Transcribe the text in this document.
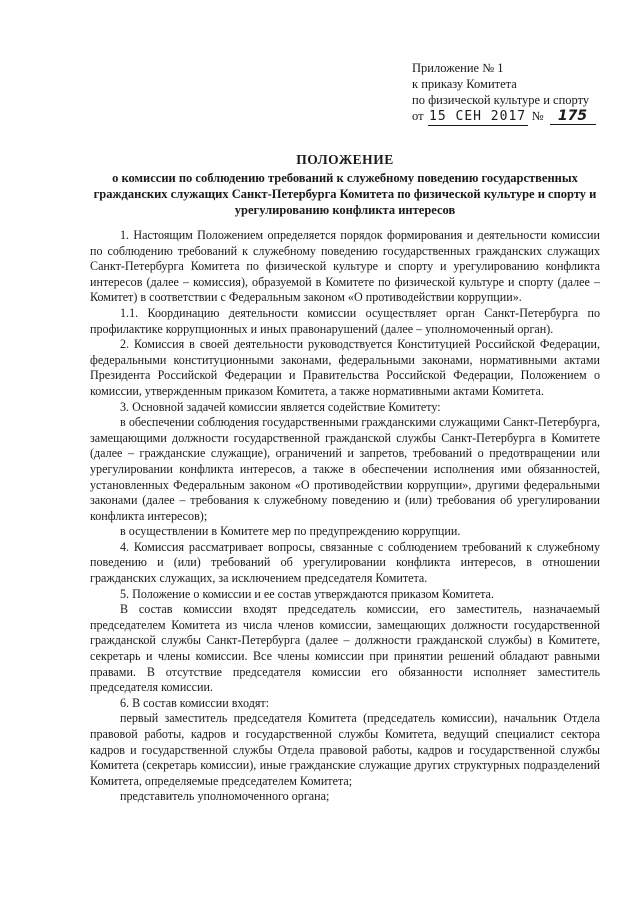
Приложение № 1
к приказу Комитета
по физической культуре и спорту
от 15 СЕН 2017 №	175
ПОЛОЖЕНИЕ
о комиссии по соблюдению требований к служебному поведению государственных гражданских служащих Санкт-Петербурга Комитета по физической культуре и спорту и урегулированию конфликта интересов

1. Настоящим Положением определяется порядок формирования и деятельности комиссии по соблюдению требований к служебному поведению государственных гражданских служащих Санкт-Петербурга Комитета по физической культуре и спорту и урегулированию конфликта интересов (далее – комиссия), образуемой в Комитете по физической культуре и спорту (далее – Комитет) в соответствии с Федеральным законом «О противодействии коррупции».

1.1. Координацию деятельности комиссии осуществляет орган Санкт-Петербурга по профилактике коррупционных и иных правонарушений (далее – уполномоченный орган).

2. Комиссия в своей деятельности руководствуется Конституцией Российской Федерации, федеральными конституционными законами, федеральными законами, нормативными актами Президента Российской Федерации и Правительства Российской Федерации, Положением о комиссии, утвержденным приказом Комитета, а также нормативными актами Комитета.

3. Основной задачей комиссии является содействие Комитету:

в обеспечении соблюдения государственными гражданскими служащими Санкт-Петербурга, замещающими должности государственной гражданской службы Санкт-Петербурга в Комитете (далее – гражданские служащие), ограничений и запретов, требований о предотвращении или урегулировании конфликта интересов, а также в обеспечении исполнения ими обязанностей, установленных Федеральным законом «О противодействии коррупции», другими федеральными законами (далее – требования к служебному поведению и (или) требования об урегулировании конфликта интересов);

в осуществлении в Комитете мер по предупреждению коррупции.

4. Комиссия рассматривает вопросы, связанные с соблюдением требований к служебному поведению и (или) требований об урегулировании конфликта интересов, в отношении гражданских служащих, за исключением председателя Комитета.

5. Положение о комиссии и ее состав утверждаются приказом Комитета.

В состав комиссии входят председатель комиссии, его заместитель, назначаемый председателем Комитета из числа членов комиссии, замещающих должности государственной гражданской службы Санкт-Петербурга (далее – должности гражданской службы) в Комитете, секретарь и члены комиссии. Все члены комиссии при принятии решений обладают равными правами. В отсутствие председателя комиссии его обязанности исполняет заместитель председателя комиссии.

6. В состав комиссии входят:

первый заместитель председателя Комитета (председатель комиссии), начальник Отдела правовой работы, кадров и государственной службы Комитета, ведущий специалист сектора кадров и государственной службы Отдела правовой работы, кадров и государственной службы Комитета (секретарь комиссии), иные гражданские служащие других структурных подразделений Комитета, определяемые председателем Комитета;

представитель уполномоченного органа;
